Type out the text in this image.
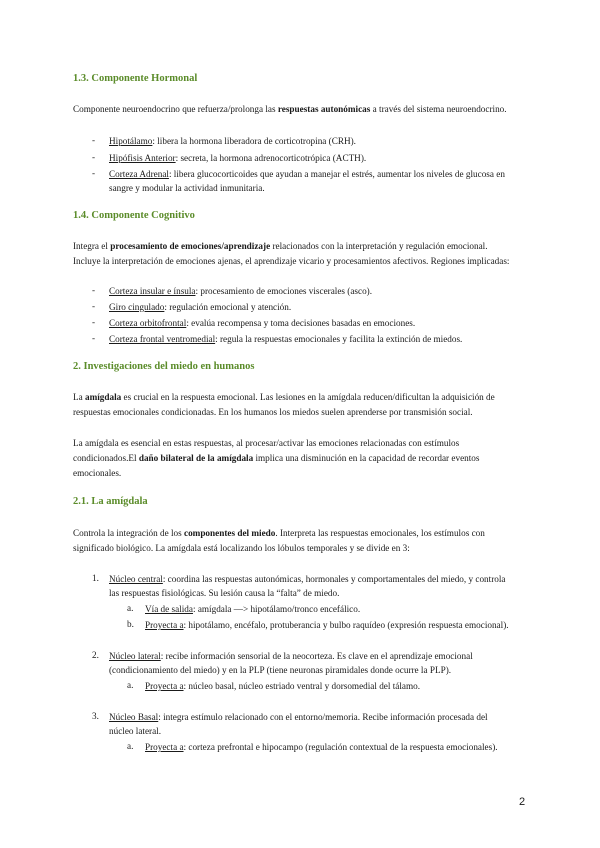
1.3. Componente Hormonal

Componente neuroendocrino que refuerza/prolonga las respuestas autonómicas a través del sistema neuroendocrino.

- Hipotálamo: libera la hormona liberadora de corticotropina (CRH).

- Hipófisis Anterior: secreta, la hormona adrenocorticotrópica (ACTH).

- Corteza Adrenal: libera glucocorticoides que ayudan a manejar el estrés, aumentar los niveles de glucosa en

sangre y modular la actividad inmunitaria.

1.4. Componente Cognitivo

Integra el procesamiento de emociones/aprendizaje relacionados con la interpretación y regulación emocional.

Incluye la interpretación de emociones ajenas, el aprendizaje vicario y procesamientos afectivos. Regiones implicadas:

- Corteza insular e ínsula: procesamiento de emociones viscerales (asco).

- Giro cingulado: regulación emocional y atención.

- Corteza orbitofrontal: evalúa recompensa y toma decisiones basadas en emociones.

- Corteza frontal ventromedial: regula la respuestas emocionales y facilita la extinción de miedos.

2. Investigaciones del miedo en humanos

La amígdala es crucial en la respuesta emocional. Las lesiones en la amígdala reducen/dificultan la adquisición de

respuestas emocionales condicionadas. En los humanos los miedos suelen aprenderse por transmisión social.

La amígdala es esencial en estas respuestas, al procesar/activar las emociones relacionadas con estímulos

condicionados.El daño bilateral de la amígdala implica una disminución en la capacidad de recordar eventos

emocionales.

2.1. La amígdala

Controla la integración de los componentes del miedo. Interpreta las respuestas emocionales, los estímulos con

significado biológico. La amígdala está localizando los lóbulos temporales y se divide en 3:

1. Núcleo central: coordina las respuestas autonómicas, hormonales y comportamentales del miedo, y controla

las respuestas fisiológicas. Su lesión causa la “falta” de miedo.

a. Vía de salida: amígdala —> hipotálamo/tronco encefálico.

b. Proyecta a: hipotálamo, encéfalo, protuberancia y bulbo raquídeo (expresión respuesta emocional).

2. Núcleo lateral: recibe información sensorial de la neocorteza. Es clave en el aprendizaje emocional

(condicionamiento del miedo) y en la PLP (tiene neuronas piramidales donde ocurre la PLP).

a. Proyecta a: núcleo basal, núcleo estriado ventral y dorsomedial del tálamo.

3. Núcleo Basal: integra estímulo relacionado con el entorno/memoria. Recibe información procesada del

núcleo lateral.

a. Proyecta a: corteza prefrontal e hipocampo (regulación contextual de la respuesta emocionales).

2
